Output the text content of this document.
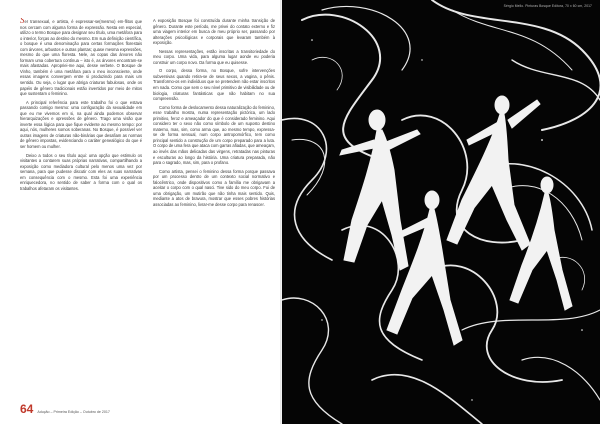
Ser transexual, e artista, é expressar-se(mesmo) em-flitos que nos cercam com alguma forma de expressão. Nesta em especial, utilizo o termo Bosque para designar seu título, uma metáfora para o interior, forças ao destino do mesmo. Em sua definição científica, o bosque é uma denominação para certas formações florestais com árvores, arbustos e outras plantas; quase mesma expressões, mesmo do que uma floresta. Nele, as copas das árvores não formam uma cobertura contínua – isto é, as árvores encontram-se mais afastadas. Apropriei-me aqui, desse verbete. O Bosque de Vinho, também é uma metáfora para o meu inconsciente, onde essas imagens convergem entre si produzindo para mais um sentido. Ou seja, o lugar que abriga criaturas fabulosas, onde os papéis de gênero tradicionais estão invertidos por meio de mitos que sustentam o feminino.

A principal referência para este trabalho foi o que estava passando comigo mesmo: uma configuração da sexualidade em que eu me vivemos em si, na qual ainda podemos observar hierarquizações e opressões de gênero. Trago uma visão que inverte essa lógica para que fique evidente ao mesmo tempo: por aqui, nós, mulheres somos soberanas. No Bosque, é possível ver outras imagens de criaturas não-binárias que desafiam as normas de gênero impostas, evidenciando o caráter genealógico do que é ser homem ou mulher.

Deixo a todos o seu título aqui: uma opção que estimulo os visitantes a contarem suas próprias narrativas, compartilhando a exposição como mediadora cultural pelo menos uma vez por semana, para que pudesse discutir com eles as suas narrativas em consequência com o mesmo. Esta foi uma experiência enriquecedora, no sentido de saber a forma com o qual os trabalhos afetaram os visitantes.

A exposição Bosque foi construída durante minha transição de gênero. Durante este período, me privei do contato externo e fiz uma viagem interior em busca de meu próprio ser, passando por alterações psicológicas e corporais que levaram também à exposição.

Nessas representações, estão inscritas a transitoriedade do meu corpo. Uma vida, para alguma lugar aonde eu poderia construir um corpo novo. Da forma que eu quisesse.

O corpo, dessa forma, no Bosque, sofre intervenções subversivas quando retira-se de seus sexos, a vagina, o pênis. Transformo-os em indivíduos que se pretendem não estar inscritos em nada. Como que sem o seu nível primitivo de visibilidade ou de biologia, criaturas fantásticas que não habitam no sua compreensão.

Como forma de deslocamento dessa naturalização do feminino, esse trabalho mostra, numa representação pictórica, um lado primitivo, feroz e ameaçador do que é considerado feminino. Aqui considero ter o sexo não como símbolo de um suposto destino materno, mas, sim, como arma que, ao mesmo tempo, expressa-se de forma sensual, num corpo antropomórfico, tem como principal sentido a construção de um corpo preparado para a luta. O corpo de uma fera que ataca com garras afiadas, que ameaçam, ao invés das mãos delicadas das virgens, retratadas nas pinturas e esculturas ao longo da história. Uma criatura preparada, não para o sagrado, mas, sim, para o profano.

Como artista, pensei o feminino dessa forma porque passava por um processo dentro de um contexto social normativo e falocêntrico, onde dispositivos como a família me obrigavam a aceitar o corpo com o qual nasci. Tive sido do meu corpo. Fui de uma obrigação, um mutirão que não tinha mais sentido. Quis, mediante a atos de bravura, mostrar que esses pobres histórias associadas ao feminino, livrar-me desse corpo para renascer.

Sérgio Mello. Pinturas Bosque Editora, 70 x 60 cm, 2017
64 Adução – Primeira Edição – Outubro de 2017
